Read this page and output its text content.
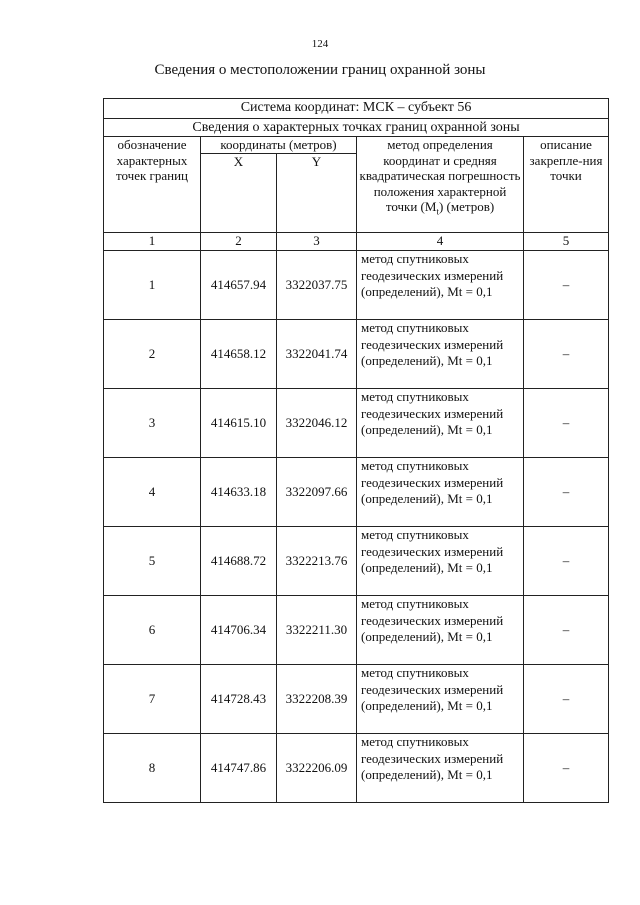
124
Сведения о местоположении границ охранной зоны
Система координат: МСК – субъект 56				
Сведения о характерных точках границ охранной зоны				
обозначение характерных точек границ	координаты (метров)		метод определения координат и средняя квадратическая погрешность положения характерной точки $(M_t)$ (метров)	описание закрепле-ния точки
	X	Y		
1	2	3	4	5
1	414657.94	3322037.75	метод спутниковых геодезических измерений (определений), Mt = 0,1	–
2	414658.12	3322041.74	метод спутниковых геодезических измерений (определений), Mt = 0,1	–
3	414615.10	3322046.12	метод спутниковых геодезических измерений (определений), Mt = 0,1	–
4	414633.18	3322097.66	метод спутниковых геодезических измерений (определений), Mt = 0,1	–
5	414688.72	3322213.76	метод спутниковых геодезических измерений (определений), Mt = 0,1	–
6	414706.34	3322211.30	метод спутниковых геодезических измерений (определений), Mt = 0,1	–
7	414728.43	3322208.39	метод спутниковых геодезических измерений (определений), Mt = 0,1	–
8	414747.86	3322206.09	метод спутниковых геодезических измерений (определений), Mt = 0,1	–
